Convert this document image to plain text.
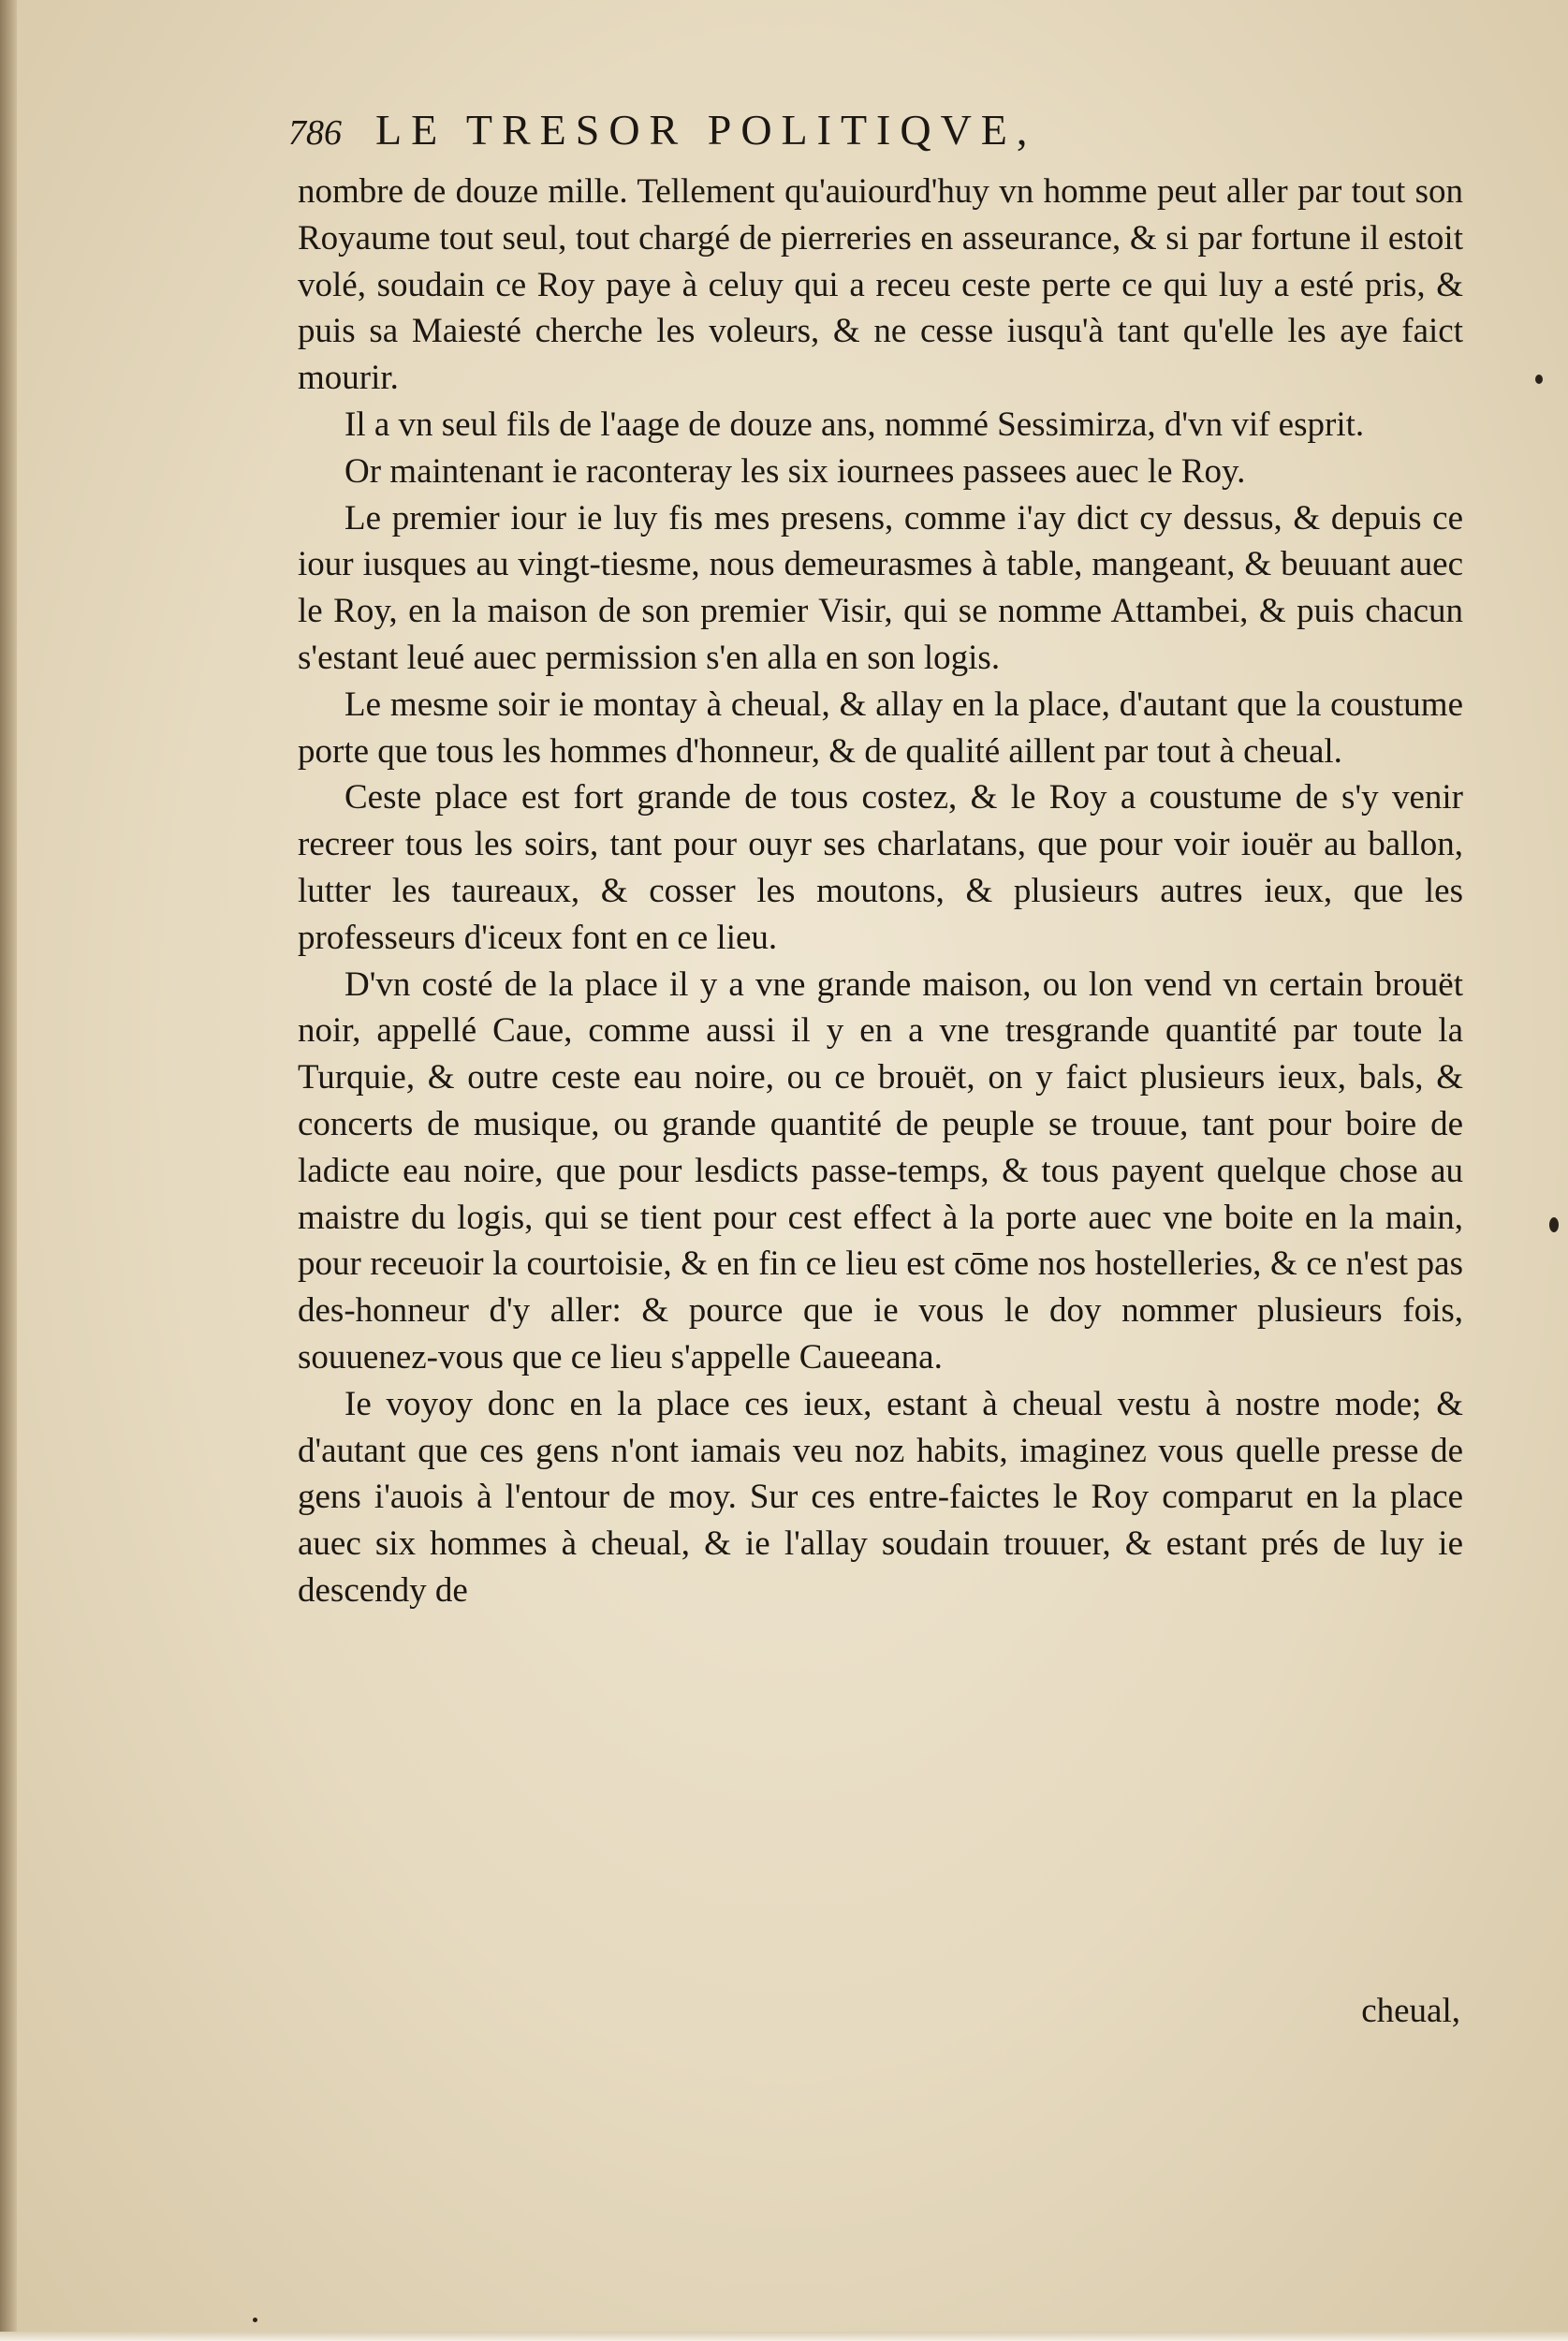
786 LE TRESOR POLITIQVE,

nombre de douze mille. Tellement qu'auiourd'huy vn homme peut aller par tout son Royaume tout seul, tout chargé de pierreries en asseurance, & si par fortune il estoit volé, soudain ce Roy paye à celuy qui a receu ceste perte ce qui luy a esté pris, & puis sa Maiesté cherche les voleurs, & ne cesse iusqu'à tant qu'elle les aye faict mourir.

Il a vn seul fils de l'aage de douze ans, nommé Sessimirza, d'vn vif esprit.

Or maintenant ie raconteray les six iournees passees auec le Roy.

Le premier iour ie luy fis mes presens, comme i'ay dict cy dessus, & depuis ce iour iusques au vingt-tiesme, nous demeurasmes à table, mangeant, & beuuant auec le Roy, en la maison de son premier Visir, qui se nomme Attambei, & puis chacun s'estant leué auec permission s'en alla en son logis.

Le mesme soir ie montay à cheual, & allay en la place, d'autant que la coustume porte que tous les hommes d'honneur, & de qualité aillent par tout à cheual.

Ceste place est fort grande de tous costez, & le Roy a coustume de s'y venir recreer tous les soirs, tant pour ouyr ses charlatans, que pour voir iouër au ballon, lutter les taureaux, & cosser les moutons, & plusieurs autres ieux, que les professeurs d'iceux font en ce lieu.

D'vn costé de la place il y a vne grande maison, ou lon vend vn certain brouët noir, appellé Caue, comme aussi il y en a vne tresgrande quantité par toute la Turquie, & outre ceste eau noire, ou ce brouët, on y faict plusieurs ieux, bals, & concerts de musique, ou grande quantité de peuple se trouue, tant pour boire de ladicte eau noire, que pour lesdicts passe-temps, & tous payent quelque chose au maistre du logis, qui se tient pour cest effect à la porte auec vne boite en la main, pour receuoir la courtoisie, & en fin ce lieu est cōme nos hostelleries, & ce n'est pas des-honneur d'y aller: & pource que ie vous le doy nommer plusieurs fois, souuenez-vous que ce lieu s'appelle Caueeana.

Ie voyoy donc en la place ces ieux, estant à cheual vestu à nostre mode; & d'autant que ces gens n'ont iamais veu noz habits, imaginez vous quelle presse de gens i'auois à l'entour de moy. Sur ces entre-faictes le Roy comparut en la place auec six hommes à cheual, & ie l'allay soudain trouuer, & estant prés de luy ie descendy de

cheual,
